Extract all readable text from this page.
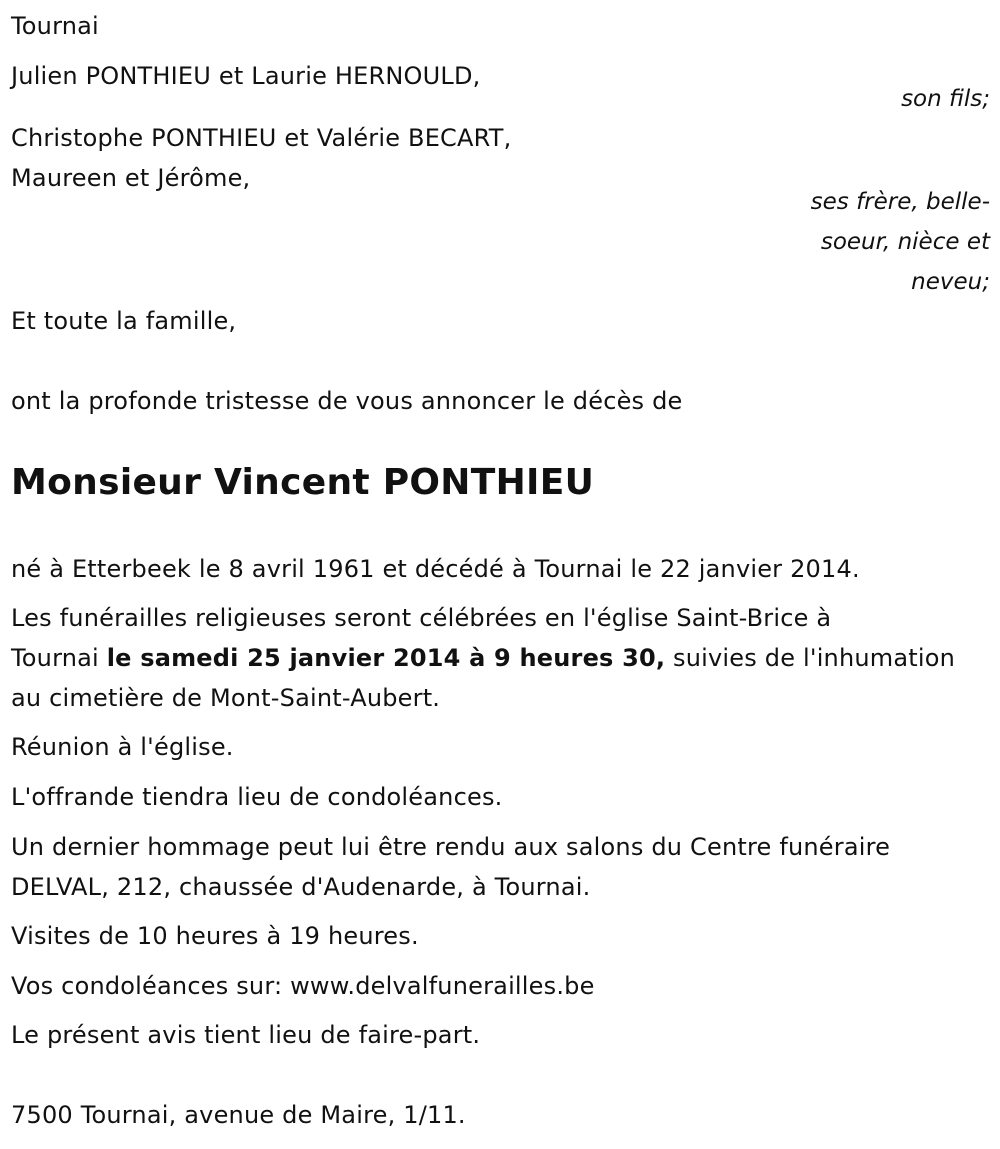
Tournai
Julien PONTHIEU et Laurie HERNOULD,
son fils;
Christophe PONTHIEU et Valérie BECART,
Maureen et Jérôme,
ses frère, belle-
soeur, nièce et
neveu;
Et toute la famille,
ont la profonde tristesse de vous annoncer le décès de
Monsieur Vincent PONTHIEU
né à Etterbeek le 8 avril 1961 et décédé à Tournai le 22 janvier 2014.
Les funérailles religieuses seront célébrées en l'église Saint-Brice à
Tournai le samedi 25 janvier 2014 à 9 heures 30, suivies de l'inhumation
au cimetière de Mont-Saint-Aubert.
Réunion à l'église.
L'offrande tiendra lieu de condoléances.
Un dernier hommage peut lui être rendu aux salons du Centre funéraire
DELVAL, 212, chaussée d'Audenarde, à Tournai.
Visites de 10 heures à 19 heures.
Vos condoléances sur: www.delvalfunerailles.be
Le présent avis tient lieu de faire-part.
7500 Tournai, avenue de Maire, 1/11.
